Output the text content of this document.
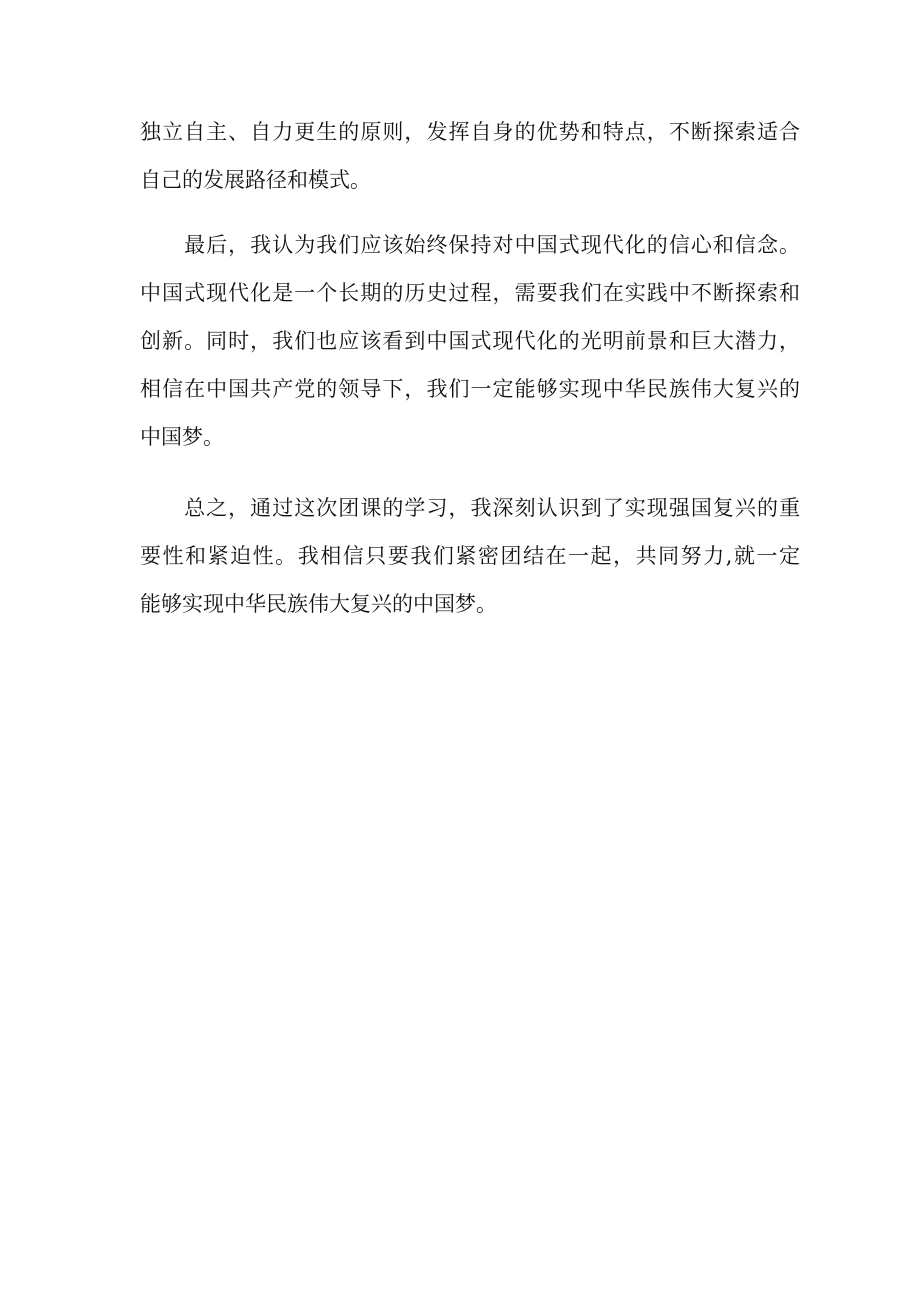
独立自主、自力更生的原则，发挥自身的优势和特点，不断探索适合
自己的发展路径和模式。
　　最后，我认为我们应该始终保持对中国式现代化的信心和信念。
中国式现代化是一个长期的历史过程，需要我们在实践中不断探索和
创新。同时，我们也应该看到中国式现代化的光明前景和巨大潜力，
相信在中国共产党的领导下，我们一定能够实现中华民族伟大复兴的
中国梦。
　　总之，通过这次团课的学习，我深刻认识到了实现强国复兴的重
要性和紧迫性。我相信只要我们紧密团结在一起，共同努力,就一定
能够实现中华民族伟大复兴的中国梦。
